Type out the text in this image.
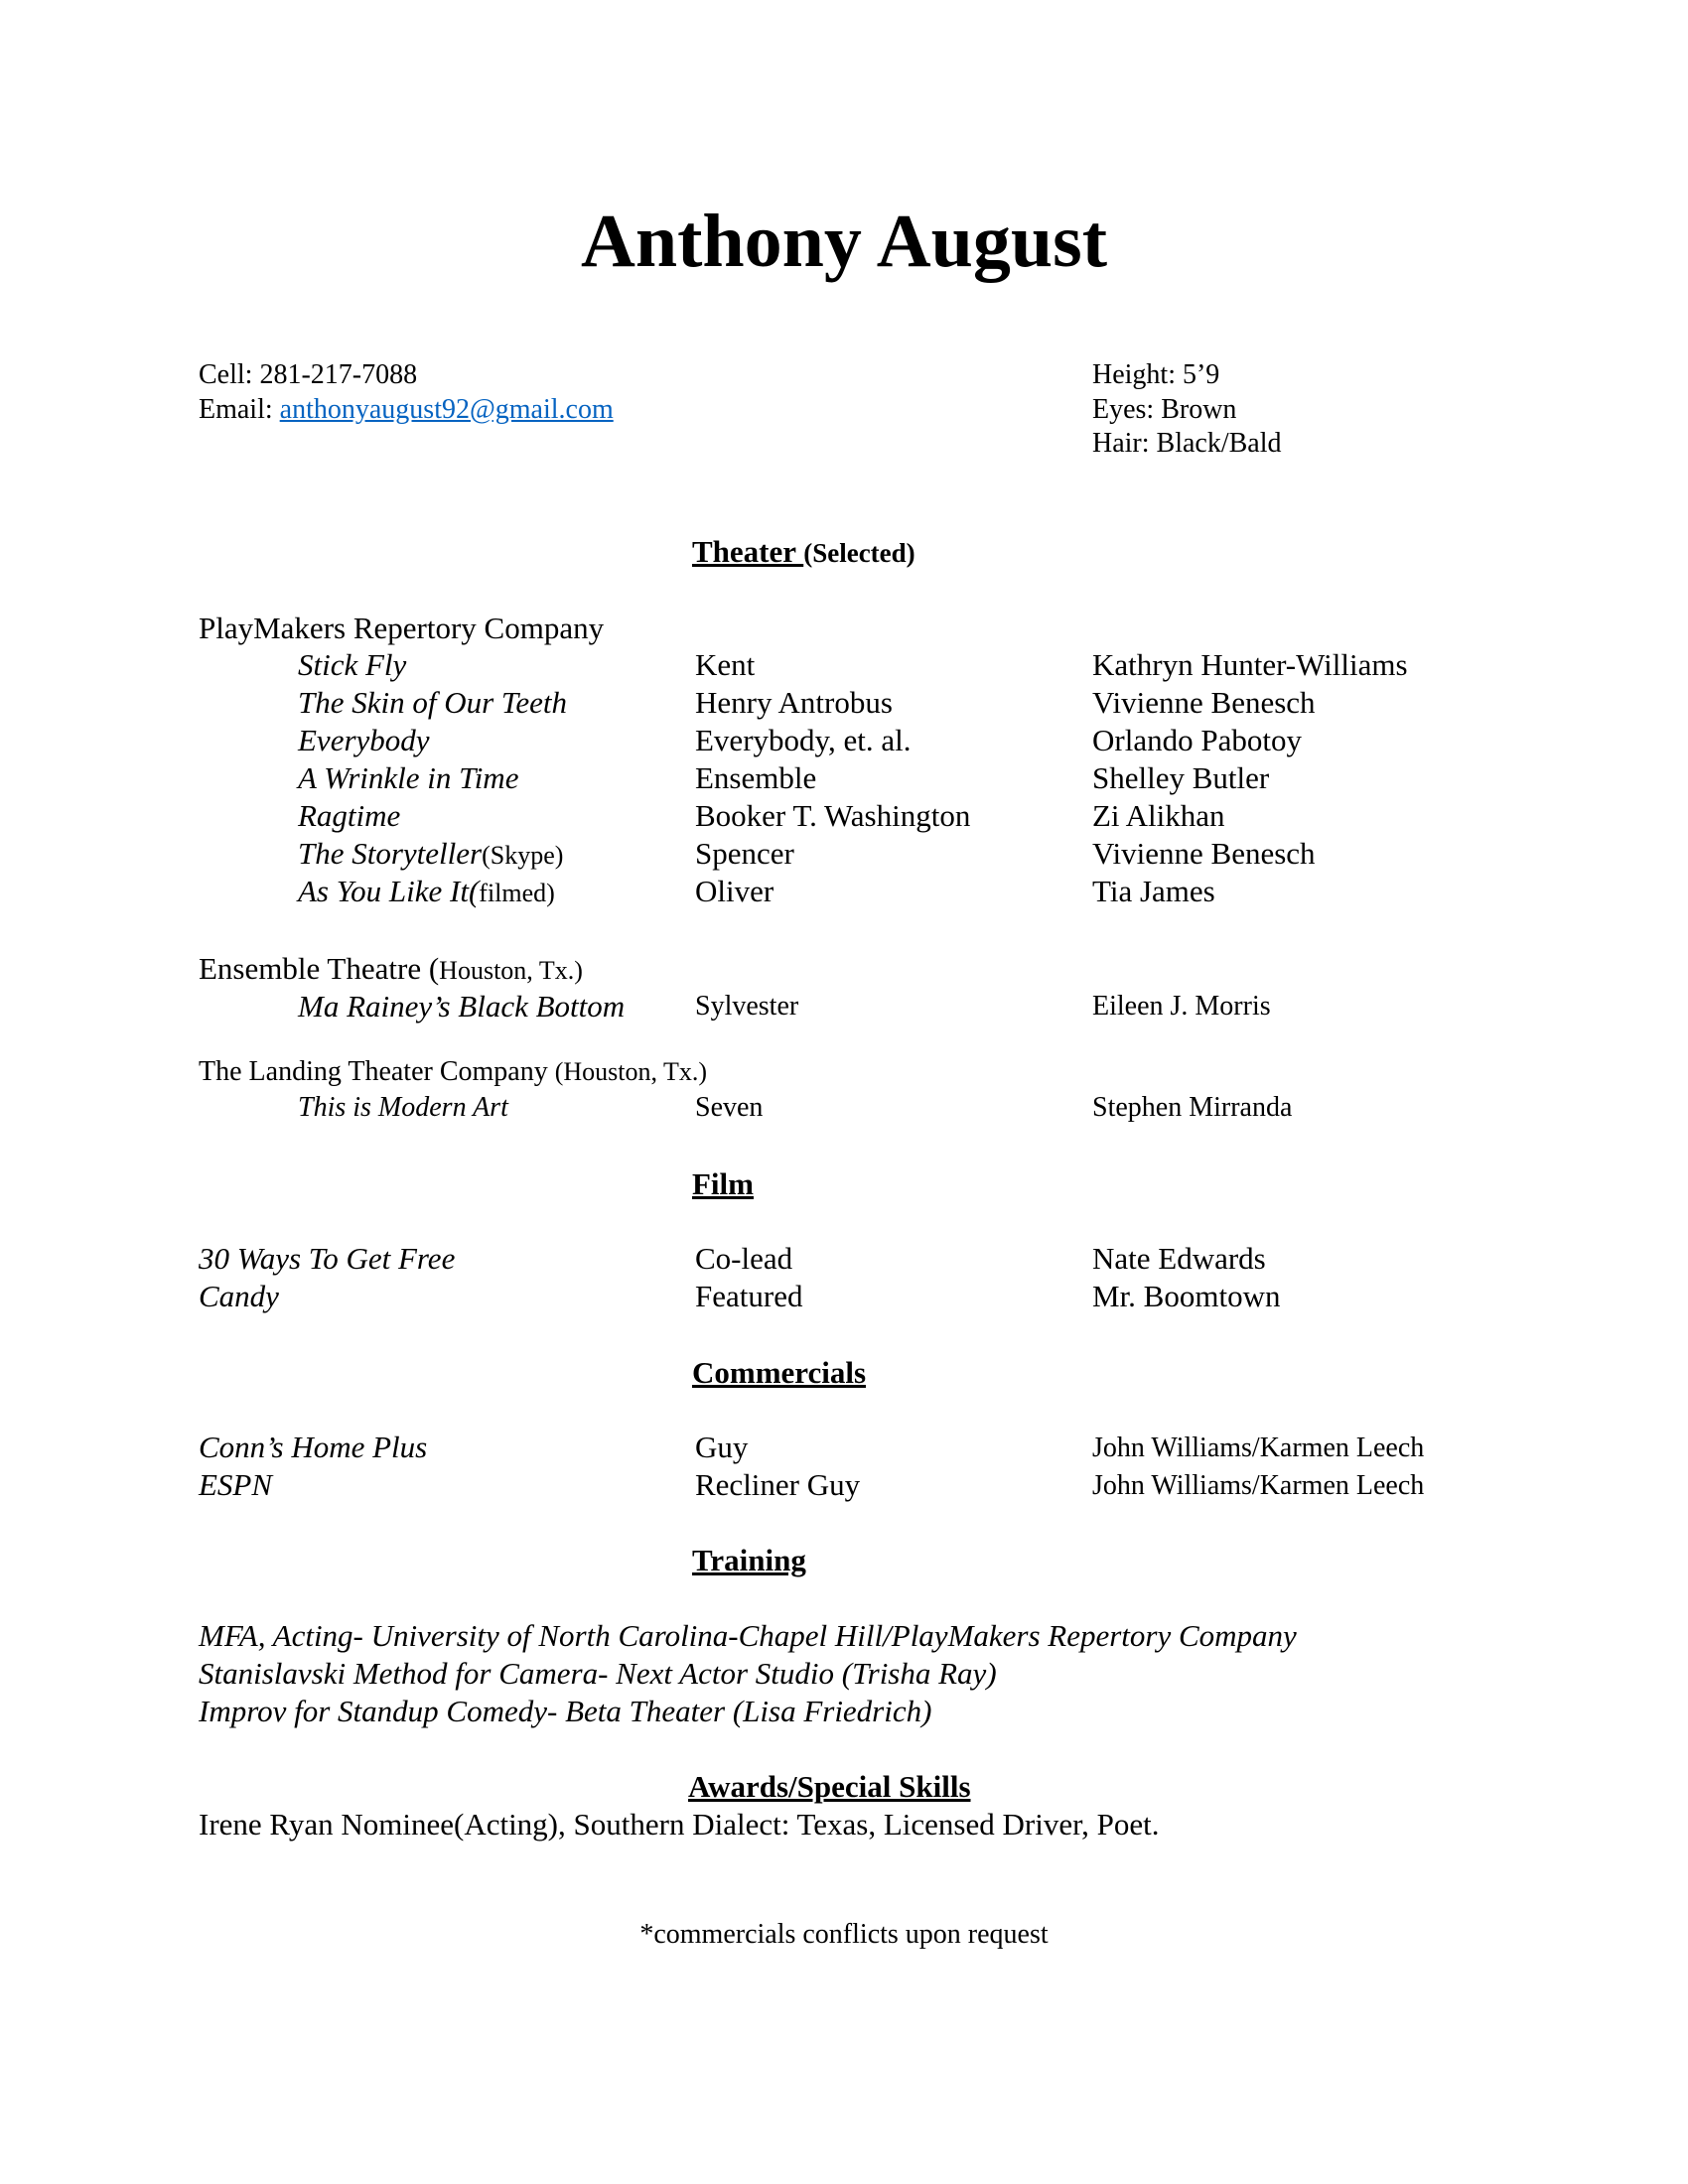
Anthony August
Cell: 281-217-7088
Email: anthonyaugust92@gmail.com
Height: 5’9
Eyes: Brown
Hair: Black/Bald
Theater (Selected)
PlayMakers Repertory Company
Stick Fly	Kent	Kathryn Hunter-Williams
The Skin of Our Teeth	Henry Antrobus	Vivienne Benesch
Everybody	Everybody, et. al.	Orlando Pabotoy
A Wrinkle in Time	Ensemble	Shelley Butler
Ragtime	Booker T. Washington	Zi Alikhan
The Storyteller(Skype)	Spencer	Vivienne Benesch
As You Like It(filmed)	Oliver	Tia James
Ensemble Theatre (Houston, Tx.)
Ma Rainey’s Black Bottom	Sylvester	Eileen J. Morris
The Landing Theater Company (Houston, Tx.)
This is Modern Art	Seven	Stephen Mirranda
Film
30 Ways To Get Free	Co-lead	Nate Edwards
Candy	Featured	Mr. Boomtown
Commercials
Conn’s Home Plus	Guy	John Williams/Karmen Leech
ESPN	Recliner Guy	John Williams/Karmen Leech
Training
MFA, Acting- University of North Carolina-Chapel Hill/PlayMakers Repertory Company
Stanislavski Method for Camera- Next Actor Studio (Trisha Ray)
Improv for Standup Comedy- Beta Theater (Lisa Friedrich)
Awards/Special Skills
Irene Ryan Nominee(Acting), Southern Dialect: Texas, Licensed Driver, Poet.
*commercials conflicts upon request
